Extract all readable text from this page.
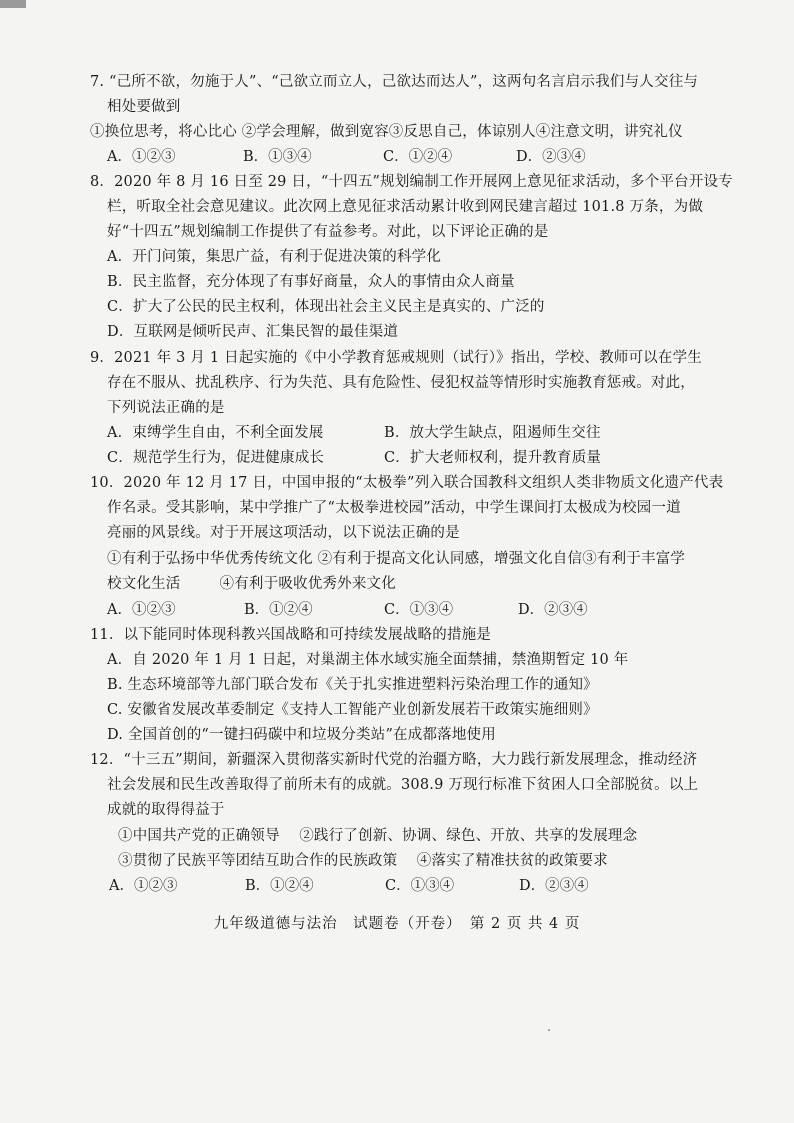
7. “己所不欲，勿施于人”、“己欲立而立人，己欲达而达人”，这两句名言启示我们与人交往与
相处要做到
①换位思考，将心比心 ②学会理解，做到宽容③反思自己，体谅别人④注意文明，讲究礼仪
A．①②③	B．①③④	C．①②④	D．②③④
8．2020 年 8 月 16 日至 29 日，“十四五”规划编制工作开展网上意见征求活动，多个平台开设专
栏，听取全社会意见建议。此次网上意见征求活动累计收到网民建言超过 101.8 万条，为做
好“十四五”规划编制工作提供了有益参考。对此，以下评论正确的是
A．开门问策，集思广益，有利于促进决策的科学化
B．民主监督，充分体现了有事好商量，众人的事情由众人商量
C．扩大了公民的民主权利，体现出社会主义民主是真实的、广泛的
D．互联网是倾听民声、汇集民智的最佳渠道
9．2021 年 3 月 1 日起实施的《中小学教育惩戒规则（试行）》指出，学校、教师可以在学生
存在不服从、扰乱秩序、行为失范、具有危险性、侵犯权益等情形时实施教育惩戒。对此，
下列说法正确的是
A．束缚学生自由，不利全面发展	B．放大学生缺点，阻遏师生交往
C．规范学生行为，促进健康成长	C．扩大老师权利，提升教育质量
10．2020 年 12 月 17 日，中国申报的“太极拳”列入联合国教科文组织人类非物质文化遗产代表
作名录。受其影响，某中学推广了“太极拳进校园”活动，中学生课间打太极成为校园一道
亮丽的风景线。对于开展这项活动，以下说法正确的是
①有利于弘扬中华优秀传统文化 ②有利于提高文化认同感，增强文化自信③有利于丰富学
校文化生活 　　 ④有利于吸收优秀外来文化
A．①②③	B．①②④	C．①③④	D．②③④
11．以下能同时体现科教兴国战略和可持续发展战略的措施是
A．自 2020 年 1 月 1 日起，对巢湖主体水域实施全面禁捕，禁渔期暂定 10 年
B. 生态环境部等九部门联合发布《关于扎实推进塑料污染治理工作的通知》
C. 安徽省发展改革委制定《支持人工智能产业创新发展若干政策实施细则》
D. 全国首创的“一键扫码碳中和垃圾分类站”在成都落地使用
12．“十三五”期间，新疆深入贯彻落实新时代党的治疆方略，大力践行新发展理念，推动经济
社会发展和民生改善取得了前所未有的成就。308.9 万现行标准下贫困人口全部脱贫。以上
成就的取得得益于
①中国共产党的正确领导 　②践行了创新、协调、绿色、开放、共享的发展理念
③贯彻了民族平等团结互助合作的民族政策 　④落实了精准扶贫的政策要求
A．①②③	B．①②④	C．①③④	D．②③④
九年级道德与法治　试题卷（开卷）　第 2 页 共 4 页
